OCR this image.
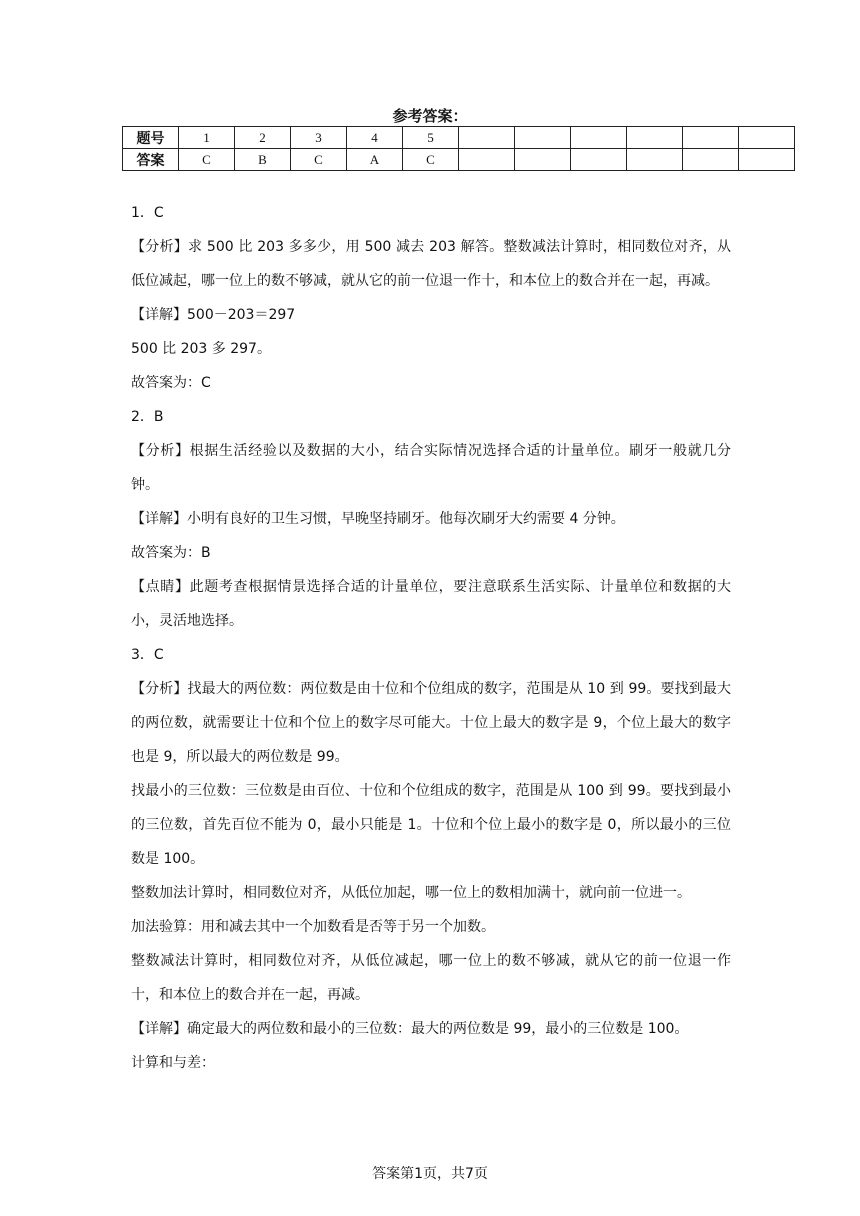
参考答案：
题号	1	2	3	4	5						
答案	C	B	C	A	C						

1．C

【分析】求 500 比 203 多多少，用 500 减去 203 解答。整数减法计算时，相同数位对齐，从低位减起，哪一位上的数不够减，就从它的前一位退一作十，和本位上的数合并在一起，再减。

【详解】500－203＝297

500 比 203 多 297。

故答案为：C

2．B

【分析】根据生活经验以及数据的大小，结合实际情况选择合适的计量单位。刷牙一般就几分钟。

【详解】小明有良好的卫生习惯，早晚坚持刷牙。他每次刷牙大约需要 4 分钟。

故答案为：B

【点睛】此题考查根据情景选择合适的计量单位，要注意联系生活实际、计量单位和数据的大小，灵活地选择。

3．C

【分析】找最大的两位数：两位数是由十位和个位组成的数字，范围是从 10 到 99。要找到最大的两位数，就需要让十位和个位上的数字尽可能大。十位上最大的数字是 9，个位上最大的数字也是 9，所以最大的两位数是 99。

找最小的三位数：三位数是由百位、十位和个位组成的数字，范围是从 100 到 99。要找到最小的三位数，首先百位不能为 0，最小只能是 1。十位和个位上最小的数字是 0，所以最小的三位数是 100。

整数加法计算时，相同数位对齐，从低位加起，哪一位上的数相加满十，就向前一位进一。

加法验算：用和减去其中一个加数看是否等于另一个加数。

整数减法计算时，相同数位对齐，从低位减起，哪一位上的数不够减，就从它的前一位退一作十，和本位上的数合并在一起，再减。

【详解】确定最大的两位数和最小的三位数：最大的两位数是 99，最小的三位数是 100。

计算和与差：

答案第1页，共7页
